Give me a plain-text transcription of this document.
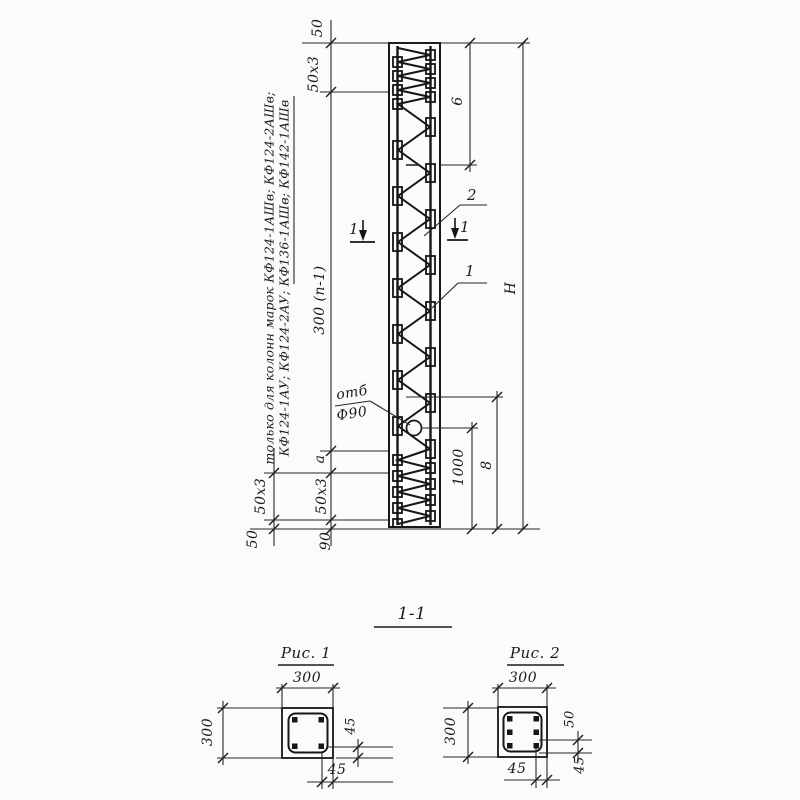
только для колонн марок КФ124-1АШв; КФ124-2АШв; КФ124-1АУ; КФ124-2АУ; КФ136-1АШв; КФ142-1АШв
50
50х3
300 (п-1)
а
50х3
90
50х3
50
6
1000 8
Н
отб
Ф90
2
1
1	1
1-1
Рис. 1
300
300	45
45
Рис. 2
300
300	50
45
45
